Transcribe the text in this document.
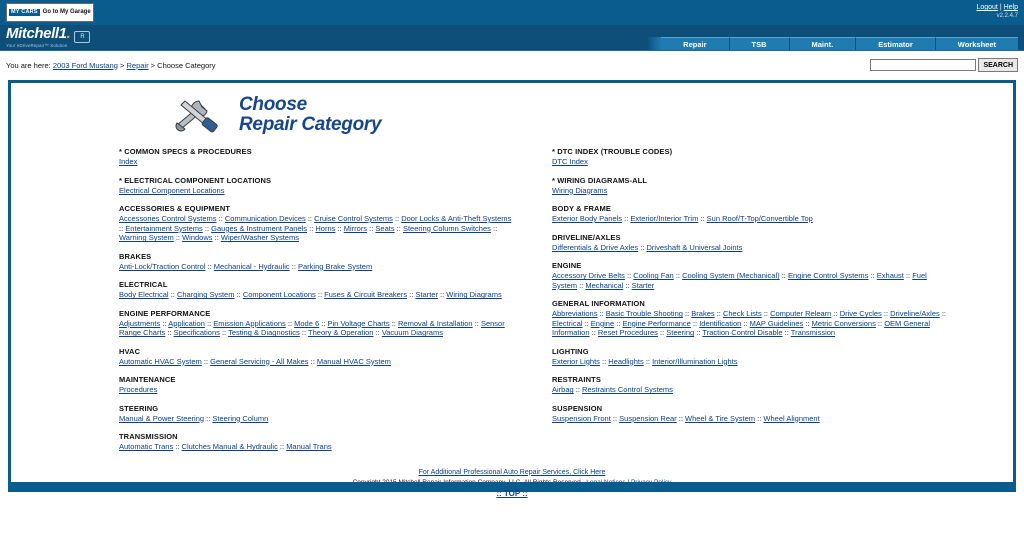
MY CARS Go to My Garage
Logout | Help
v2.2.4.7
Mitchell1. R
Your eDriveRepair™ Solution	Repair	TSB	Maint.	Estimator	Worksheet
You are here: 2003 Ford Mustang > Repair > Choose Category	SEARCH
Choose
Repair Category
* COMMON SPECS & PROCEDURES
Index
* ELECTRICAL COMPONENT LOCATIONS
Electrical Component Locations
ACCESSORIES & EQUIPMENT
Accessories Control Systems :: Communication Devices :: Cruise Control Systems :: Door Locks & Anti-Theft Systems :: Entertainment Systems :: Gauges & Instrument Panels :: Horns :: Mirrors :: Seats :: Steering Column Switches :: Warning System :: Windows :: Wiper/Washer Systems
BRAKES
Anti-Lock/Traction Control :: Mechanical - Hydraulic :: Parking Brake System
ELECTRICAL
Body Electrical :: Charging System :: Component Locations :: Fuses & Circuit Breakers :: Starter :: Wiring Diagrams
ENGINE PERFORMANCE
Adjustments :: Application :: Emission Applications :: Mode 6 :: Pin Voltage Charts :: Removal & Installation :: Sensor Range Charts :: Specifications :: Testing & Diagnostics :: Theory & Operation :: Vacuum Diagrams
HVAC
Automatic HVAC System :: General Servicing - All Makes :: Manual HVAC System
MAINTENANCE
Procedures
STEERING
Manual & Power Steering :: Steering Column
TRANSMISSION
Automatic Trans :: Clutches Manual & Hydraulic :: Manual Trans
* DTC INDEX (TROUBLE CODES)
DTC Index
* WIRING DIAGRAMS-ALL
Wiring Diagrams
BODY & FRAME
Exterior Body Panels :: Exterior/Interior Trim :: Sun Roof/T-Top/Convertible Top
DRIVELINE/AXLES
Differentials & Drive Axles :: Driveshaft & Universal Joints
ENGINE
Accessory Drive Belts :: Cooling Fan :: Cooling System (Mechanical) :: Engine Control Systems :: Exhaust :: Fuel System :: Mechanical :: Starter
GENERAL INFORMATION
Abbreviations :: Basic Trouble Shooting :: Brakes :: Check Lists :: Computer Relearn :: Drive Cycles :: Driveline/Axles :: Electrical :: Engine :: Engine Performance :: Identification :: MAP Guidelines :: Metric Conversions :: OEM General Information :: Reset Procedures :: Steering :: Traction Control Disable :: Transmission
LIGHTING
Exterior Lights :: Headlights :: Interior/Illumination Lights
RESTRAINTS
Airbag :: Restraints Control Systems
SUSPENSION
Suspension Front :: Suspension Rear :: Wheel & Tire System :: Wheel Alignment
For Additional Professional Auto Repair Services, Click Here

:: TOP ::
